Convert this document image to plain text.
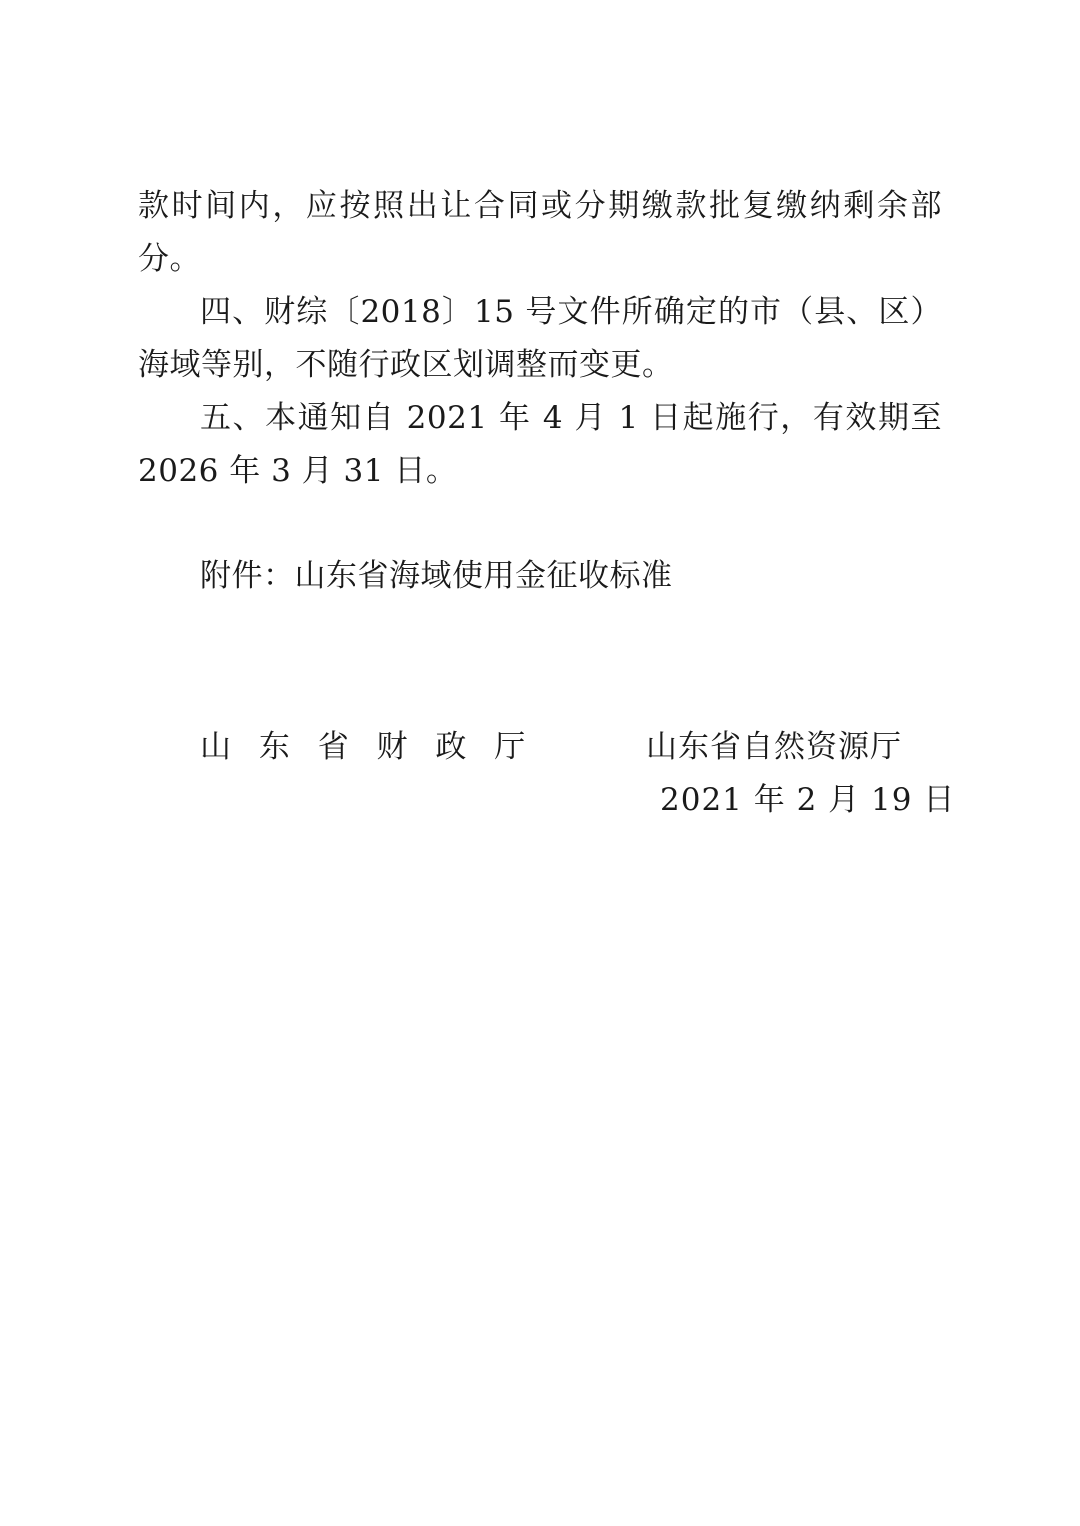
款时间内，应按照出让合同或分期缴款批复缴纳剩余部分。

四、财综〔2018〕15 号文件所确定的市（县、区）海域等别，不随行政区划调整而变更。

五、本通知自 2021 年 4 月 1 日起施行，有效期至 2026 年 3 月 31 日。

附件：山东省海域使用金征收标准

山 东 省 财 政 厅	山东省自然资源厅
2021 年 2 月 19 日
